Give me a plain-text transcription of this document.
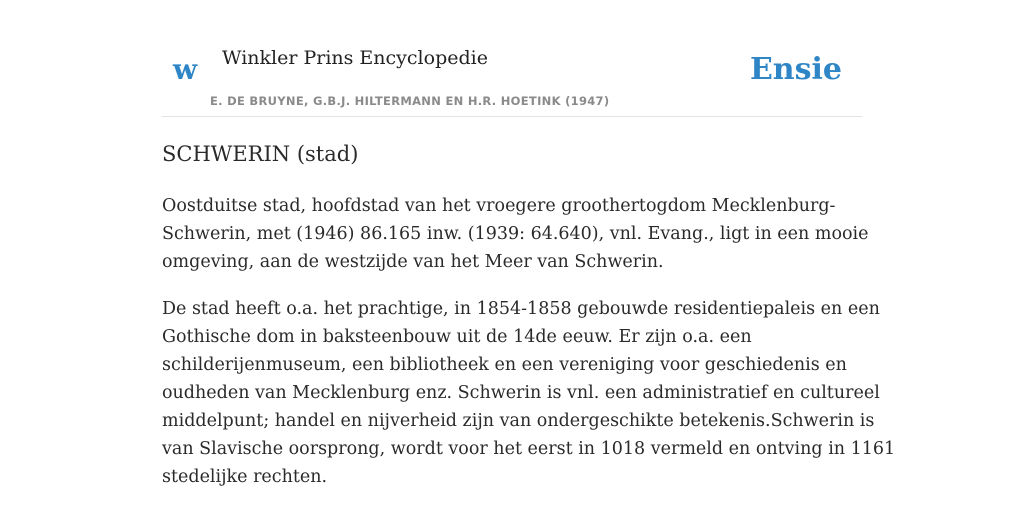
w Winkler Prins Encyclopedie
E. DE BRUYNE, G.B.J. HILTERMANN EN H.R. HOETINK (1947)
Ensie
SCHWERIN (stad)

Oostduitse stad, hoofdstad van het vroegere groothertogdom Mecklenburg-
Schwerin, met (1946) 86.165 inw. (1939: 64.640), vnl. Evang., ligt in een mooie
omgeving, aan de westzijde van het Meer van Schwerin.

De stad heeft o.a. het prachtige, in 1854-1858 gebouwde residentiepaleis en een
Gothische dom in baksteenbouw uit de 14de eeuw. Er zijn o.a. een
schilderijenmuseum, een bibliotheek en een vereniging voor geschiedenis en
oudheden van Mecklenburg enz. Schwerin is vnl. een administratief en cultureel
middelpunt; handel en nijverheid zijn van ondergeschikte betekenis.Schwerin is
van Slavische oorsprong, wordt voor het eerst in 1018 vermeld en ontving in 1161
stedelijke rechten.
